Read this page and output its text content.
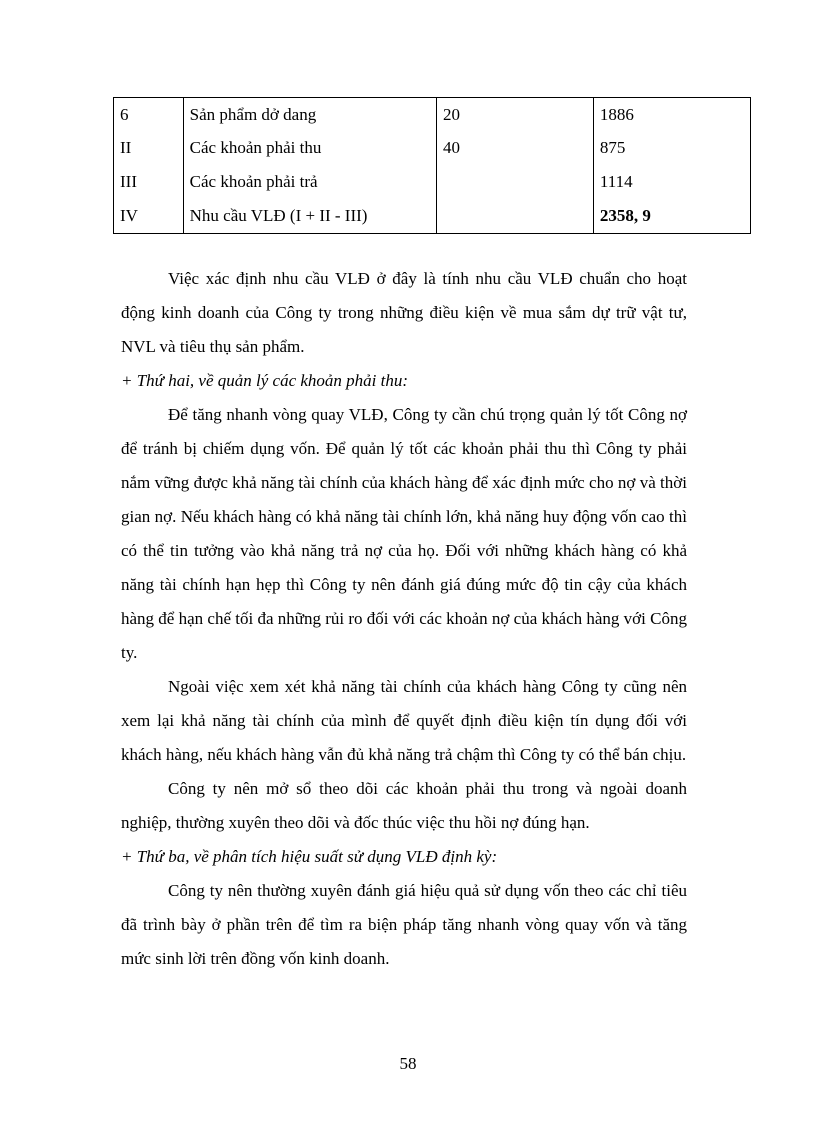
6	Sản phẩm dở dang	20	1886
II	Các khoản phải thu	40	875
III	Các khoản phải trả		1114
IV	Nhu cầu VLĐ (I + II - III)		2358, 9

Việc xác định nhu cầu VLĐ ở đây là tính nhu cầu VLĐ chuẩn cho hoạt động kinh doanh của Công ty trong những điều kiện về mua sắm dự trữ vật tư, NVL và tiêu thụ sản phẩm.

+ Thứ hai, về quản lý các khoản phải thu:

Để tăng nhanh vòng quay VLĐ, Công ty cần chú trọng quản lý tốt Công nợ để tránh bị chiếm dụng vốn. Để quản lý tốt các khoản phải thu thì Công ty phải nắm vững được khả năng tài chính của khách hàng để xác định mức cho nợ và thời gian nợ. Nếu khách hàng có khả năng tài chính lớn, khả năng huy động vốn cao thì có thể tin tưởng vào khả năng trả nợ của họ. Đối với những khách hàng có khả năng tài chính hạn hẹp thì Công ty nên đánh giá đúng mức độ tin cậy của khách hàng để hạn chế tối đa những rủi ro đối với các khoản nợ của khách hàng với Công ty.

Ngoài việc xem xét khả năng tài chính của khách hàng Công ty cũng nên xem lại khả năng tài chính của mình để quyết định điều kiện tín dụng đối với khách hàng, nếu khách hàng vẫn đủ khả năng trả chậm thì Công ty có thể bán chịu.

Công ty nên mở sổ theo dõi các khoản phải thu trong và ngoài doanh nghiệp, thường xuyên theo dõi và đốc thúc việc thu hồi nợ đúng hạn.

+ Thứ ba, về phân tích hiệu suất sử dụng VLĐ định kỳ:

Công ty nên thường xuyên đánh giá hiệu quả sử dụng vốn theo các chỉ tiêu đã trình bày ở phần trên để tìm ra biện pháp tăng nhanh vòng quay vốn và tăng mức sinh lời trên đồng vốn kinh doanh.

58
